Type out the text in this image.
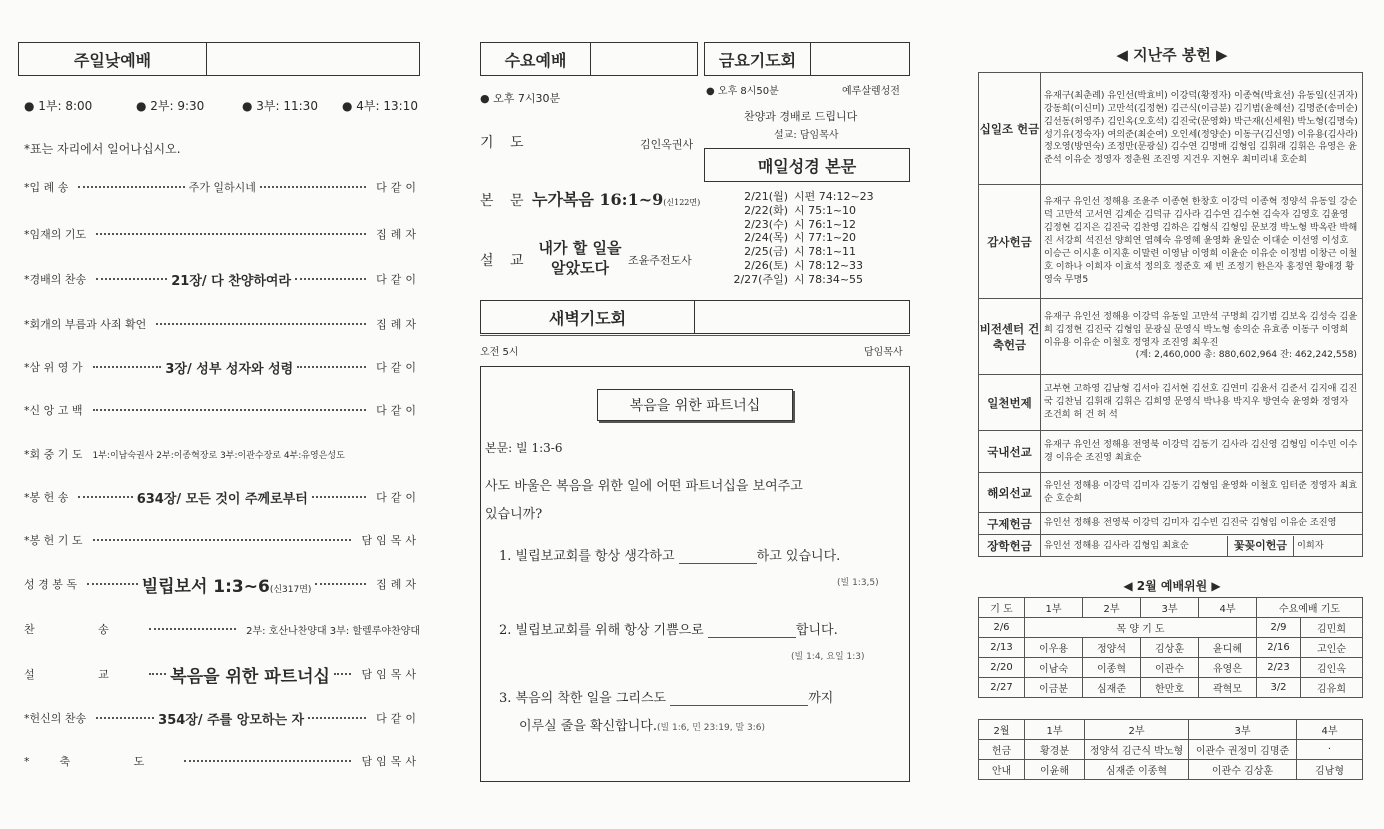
주일낮예배
● 1부: 8:00	● 2부: 9:30	● 3부: 11:30 ● 4부: 13:10
*표는 자리에서 일어나십시오.
*입 례 송	주가 일하시네	다같이
*임재의 기도	집례자
*경배의 찬송	21장/ 다 찬양하여라	다같이
*회개의 부름과 사죄 확언	집례자
*삼 위 영 가	3장/ 성부 성자와 성령	다같이
*신 앙 고 백	다같이
*회 중 기 도 1부:이남숙권사 2부:이종혁장로 3부:이관수장로 4부:유영은성도
*봉 헌 송	634장/ 모든 것이 주께로부터	다같이
*봉 헌 기 도	담임목사
성 경 봉 독	빌립보서 1:3~6(신317면)	집례자
찬 송	2부: 호산나찬양대 3부: 할렐루야찬양대
설 교 복음을 위한 파트너십	담임목사
*헌신의 찬송	354장/ 주를 앙모하는 자	다같이
*축 도	담임목사
수요예배	금요기도회
● 오후 7시30분
● 오후 8시50분	예루살렘성전
찬양과 경배로 드립니다
설교: 담임목사
기 도	김인옥권사
본 문 누가복음 16:1~9(신122면)
설 교
내가 할 일을
알았도다	조윤주전도사
매일성경 본문
2/21(월) 시편 74:12~23
2/22(화) 시 75:1~10
2/23(수) 시 76:1~12
2/24(목) 시 77:1~20
2/25(금) 시 78:1~11
2/26(토) 시 78:12~33
2/27(주일) 시 78:34~55
새벽기도회
오전 5시	담임목사
복음을 위한 파트너십
본문: 빌 1:3-6
사도 바울은 복음을 위한 일에 어떤 파트너십을 보여주고
있습니까?
1. 빌립보교회를 항상 생각하고	하고 있습니다.
(빌 1:3,5)
2. 빌립보교회를 위해 항상 기쁨으로	합니다.
(빌 1:4, 요일 1:3)
3. 복음의 착한 일을 그리스도	까지
이루실 줄을 확신합니다.(빌 1:6, 민 23:19, 말 3:6)
◀ 지난주 봉헌 ▶
십일조 헌금	유재구(최춘례) 유인선(박효비) 이강덕(황정자) 이종혁(박효선) 유동일(신귀자) 강동희(이신미) 고만석(김정현) 김근식(이금분) 김기범(윤혜선) 김명준(송미순) 김선동(허영주) 김인옥(오호석) 김진국(문영화) 박근재(신세원) 박노형(김명숙) 성기유(정숙자) 여의준(최순여) 오인세(정양순) 이동구(김신영) 이유용(김사라) 정오영(방연숙) 조정만(문광실) 김수연 김명매 김형임 김휘래 김휘은 유영은 윤준석 이유순 정영자 정춘원 조진영 지건우 지현우 최미리내 호순희
감사헌금	유재구 유인선 정해용 조윤주 이종현 한창호 이강덕 이종혁 정양석 유동일 강순덕 고만석 고서연 김계순 김덕규 김사라 김수연 김수현 김숙자 김영호 김윤영 김정현 김지은 김진국 김찬영 김하은 김형식 김형임 문보경 박노형 박옥란 박해진 서강희 석진선 양희연 염혜숙 유영혜 윤영화 윤일순 이대순 이선영 이성호 이승근 이시훈 이지훈 이말련 이영남 이영희 이윤순 이유순 이정범 이창근 이철호 이하나 이희자 이효석 정의호 정준호 제 빈 조정기 한은자 홍정연 황애경 황영숙 무명5
비전센터 건축헌금	유재구 유인선 정해용 이강덕 유동일 고만석 구명희 김기범 김보옥 김성숙 김윤희 김정현 김진국 김형임 문광실 문영식 박노형 송의순 유효종 이동구 이영희 이유용 이유순 이철호 정영자 조진영 최우진
(계: 2,460,000 총: 880,602,964 잔: 462,242,558)

일천번제	고부현 고하영 김남형 김서아 김서현 김선호 김연미 김윤서 김준서 김지애 김진국 김찬님 김휘래 김휘은 김희영 문영식 박나용 박지우 방연숙 윤영화 정영자 조건희 허 건 허 석
국내선교	유재구 유인선 정해용 전영북 이강덕 김동기 김사라 김신영 김형임 이수민 이수경 이유순 조진영 최효순
해외선교	유인선 정해용 이강덕 김미자 김동기 김형임 윤영화 이철호 임터준 정영자 최효순 호순희
구제헌금	유인선 정해용 전영북 이강덕 김미자 김수빈 김진국 김형임 이유순 조진영
장학헌금	유인선 정해용 김사라 김형임 최효순 꽃꽂이헌금 이희자
◀ 2월 예배위원 ▶
기 도	1부	2부	3부	4부	수요예배 기도	
2/6	목 양 기 도				2/9	김민희
2/13	이우용	정양석	김상훈	윤디혜	2/16	고인순
2/20	이남숙	이종혁	이관수	유영은	2/23	김인옥
2/27	이금분	심재준	한만호	곽혁모	3/2	김유희
2월	1부	2부	3부	4부
헌금	황경분	정양석 김근식 박노형	이관수 권정미 김명준	·
안내	이윤해	심재준 이종혁	이관수 김상훈	김남형
